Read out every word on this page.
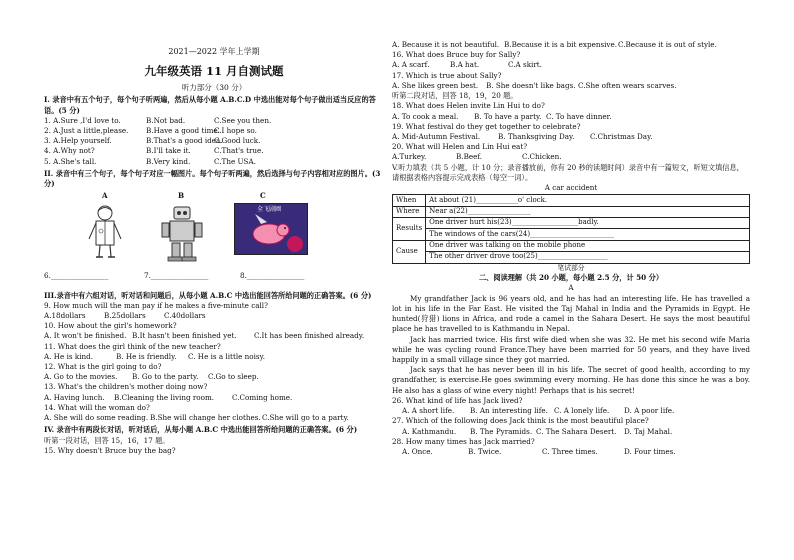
2021—2022 学年上学期
九年级英语 11 月自测试题
听力部分（30 分）
I. 录音中有五个句子，每个句子听两遍，然后从每小题 A.B.C.D 中选出能对每个句子做出适当反应的答语。(5 分)
1. A.Sure ,I'd love to.	B.Not bad.	C.See you then.
2. A.Just a little,please.	B.Have a good time.
C.I hope so.
3. A.Help yourself.	B.That's a good idea.
C.Good luck.
4. A.Why not?	B.I'll take it.	C.That's true.
5. A.She's tall.	B.Very kind.	C.The USA.
II. 录音中有三个句子，每个句子对应一幅图片。每个句子听两遍，然后选择与句子内容相对应的图片。(3 分)
A	B	C
全飞剧圃
6.________________	7.________________	8.________________
III.录音中有六组对话，听对话和问题后，从每小题 A.B.C 中选出能回答所给问题的正确答案。(6 分)
9. How much will the man pay if he makes a five-minute call?
A.18dollars	B.25dollars	C.40dollars
10. How about the girl's homework?
A. It won't be finished. B.It hasn't been finished yet.	C.It has been finished already.
11. What does the girl think of the new teacher?
A. He is kind.	B. He is friendly.	C. He is a little noisy.
12. What is the girl going to do?
A. Go to the movies.	B. Go to the party.	C.Go to sleep.
13. What's the children's mother doing now?
A. Having lunch.	B.Cleaning the living room.	C.Coming home.
14. What will the woman do?
A. She will do some reading. B.She will change her clothes. C.She will go to a party.
IV. 录音中有两段长对话，听对话后，从每小题 A.B.C 中选出能回答所给问题的正确答案。(6 分)
听第一段对话，回答 15，16，17 题。
15. Why doesn't Bruce buy the bag?
A. Because it is not beautiful. B.Because it is a bit expensive. C.Because it is out of style.
16. What does Bruce buy for Sally?
A. A scarf.	B.A hat.	C.A skirt.
17. Which is true about Sally?
A. She likes green best.	B. She doesn't like bags. C.She often wears scarves.
听第二段对话，回答 18，19，20 题。
18. What does Helen invite Lin Hui to do?
A. To cook a meal.	B. To have a party. C. To have dinner.
19. What festival do they get together to celebrate?
A. Mid-Autumn Festival.	B. Thanksgiving Day.	C.Christmas Day.
20. What will Helen and Lin Hui eat?
A.Turkey.	B.Beef.	C.Chicken.
V.听力填表（共 5 小题，计 10 分；录音播放前，你有 20 秒的读题时间）录音中有一篇短文，听短文填信息，请根据表格内容提示完成表格（每空一词）。
A car accident
When	At about (21)____________o' clock.
Where	Near a(22)__________________
Results	One driver hurt his(23)___________________badly.
	The windows of the cars(24)________________________
Cause	One driver was talking on the mobile phone
	The other driver drove too(25)____________________
笔试部分
二、阅读理解（共 20 小题，每小题 2.5 分，计 50 分）
A

My grandfather Jack is 96 years old, and he has had an interesting life. He has travelled a lot in his life in the Far East. He visited the Taj Mahal in India and the Pyramids in Egypt. He hunted(狩猎) lions in Africa, and rode a camel in the Sahara Desert. He says the most beautiful place he has travelled to is Kathmandu in Nepal.

Jack has married twice. His first wife died when she was 32. He met his second wife Maria while he was cycling round France.They have been married for 50 years, and they have lived happily in a small village since they got married.

Jack says that he has never been ill in his life. The secret of good health, according to my grandfather, is exercise.He goes swimming every morning. He has done this since he was a boy. He also has a glass of wine every night! Perhaps that is his secret!

26. What kind of life has Jack lived?
A. A short life.	B. An interesting life. C. A lonely life.	D. A poor life.
27. Which of the following does Jack think is the most beautiful place?
A. Kathmandu.	B. The Pyramids. C. The Sahara Desert.	D. Taj Mahal.
28. How many times has Jack married?
A. Once.	B. Twice.	C. Three times.	D. Four times.
